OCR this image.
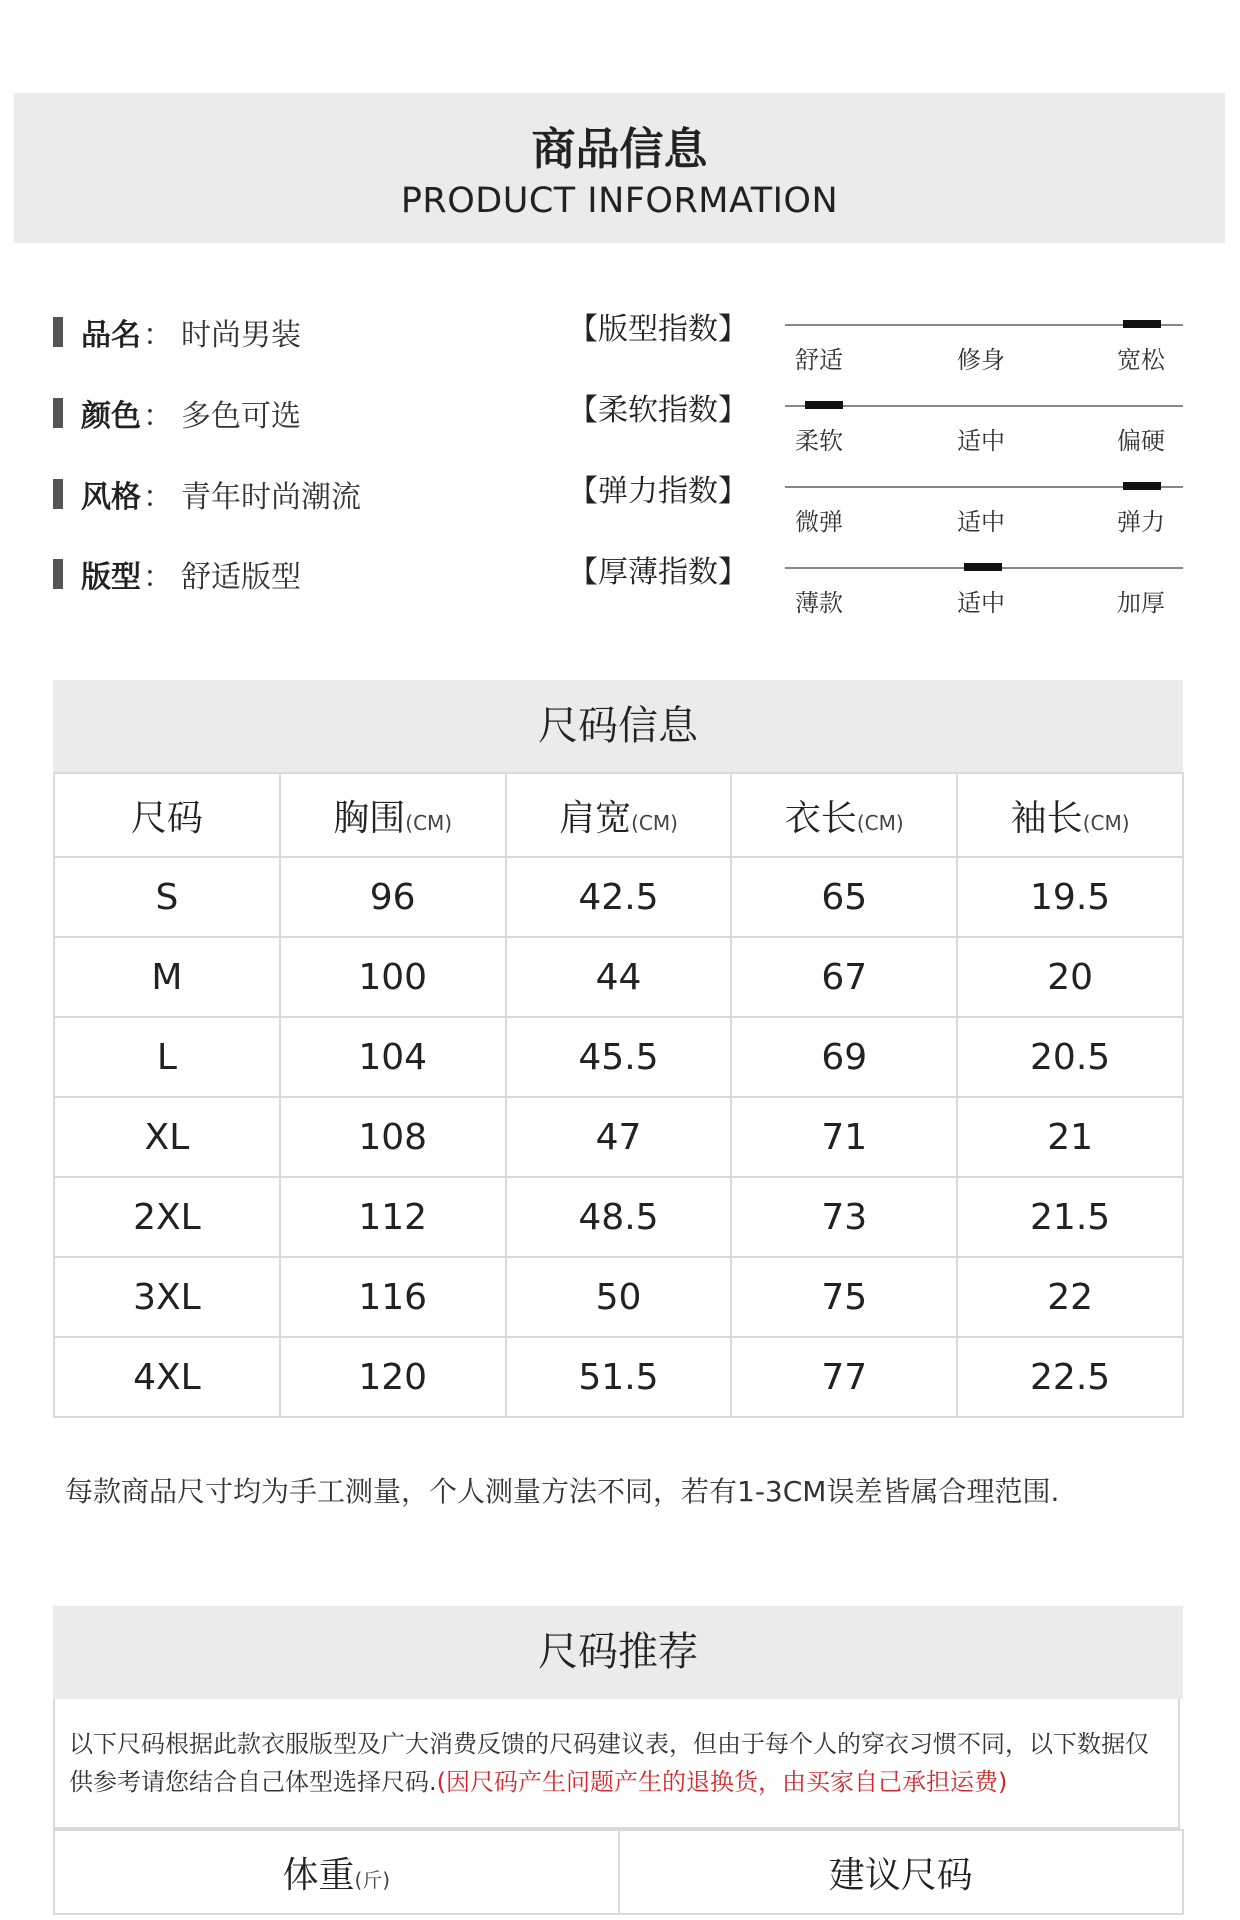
商品信息
PRODUCT INFORMATION
品名 ： 时尚男装
颜色 ： 多色可选
风格 ： 青年时尚潮流
版型 ： 舒适版型
【版型指数】
舒适	修身	宽松
【柔软指数】
柔软	适中	偏硬
【弹力指数】
微弹	适中	弹力
【厚薄指数】
薄款	适中	加厚
尺码信息
尺码	胸围(CM)	肩宽(CM)	衣长(CM)	袖长(CM)
S	96	42.5	65	19.5
M	100	44	67	20
L	104	45.5	69	20.5
XL	108	47	71	21
2XL	112	48.5	73	21.5
3XL	116	50	75	22
4XL	120	51.5	77	22.5
每款商品尺寸均为手工测量，个人测量方法不同，若有1-3CM误差皆属合理范围.
尺码推荐
以下尺码根据此款衣服版型及广大消费反馈的尺码建议表，但由于每个人的穿衣习惯不同，以下数据仅供参考请您结合自己体型选择尺码.(因尺码产生问题产生的退换货，由买家自己承担运费)
体重(斤)	建议尺码
